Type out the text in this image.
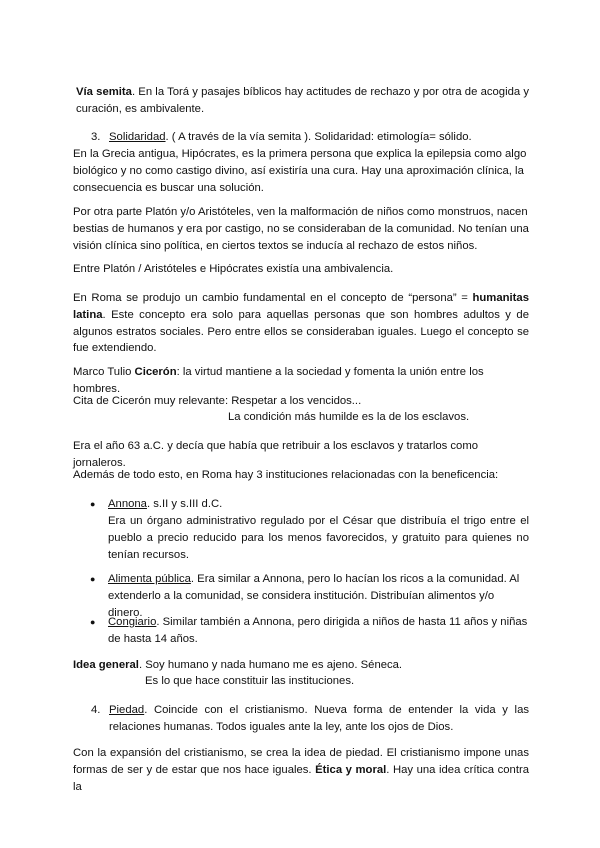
Vía semita. En la Torá y pasajes bíblicos hay actitudes de rechazo y por otra de acogida y curación, es ambivalente.

3. Solidaridad. ( A través de la vía semita ). Solidaridad: etimología= sólido.

En la Grecia antigua, Hipócrates, es la primera persona que explica la epilepsia como algo biológico y no como castigo divino, así existiría una cura. Hay una aproximación clínica, la consecuencia es buscar una solución.

Por otra parte Platón y/o Aristóteles, ven la malformación de niños como monstruos, nacen bestias de humanos y era por castigo, no se consideraban de la comunidad. No tenían una visión clínica sino política, en ciertos textos se inducía al rechazo de estos niños.

Entre Platón / Aristóteles e Hipócrates existía una ambivalencia.

En Roma se produjo un cambio fundamental en el concepto de “persona” = humanitas latina. Este concepto era solo para aquellas personas que son hombres adultos y de algunos estratos sociales. Pero entre ellos se consideraban iguales. Luego el concepto se fue extendiendo.

Marco Tulio Cicerón: la virtud mantiene a la sociedad y fomenta la unión entre los hombres.

Cita de Cicerón muy relevante: Respetar a los vencidos...

La condición más humilde es la de los esclavos.

Era el año 63 a.C. y decía que había que retribuir a los esclavos y tratarlos como jornaleros.

Además de todo esto, en Roma hay 3 instituciones relacionadas con la beneficencia:

● Annona. s.II y s.III d.C.

Era un órgano administrativo regulado por el César que distribuía el trigo entre el pueblo a precio reducido para los menos favorecidos, y gratuito para quienes no tenían recursos.

● Alimenta pública. Era similar a Annona, pero lo hacían los ricos a la comunidad. Al extenderlo a la comunidad, se considera institución. Distribuían alimentos y/o dinero.

● Congiario. Similar también a Annona, pero dirigida a niños de hasta 11 años y niñas de hasta 14 años.

Idea general. Soy humano y nada humano me es ajeno. Séneca.

Es lo que hace constituir las instituciones.

4. Piedad. Coincide con el cristianismo. Nueva forma de entender la vida y las relaciones humanas. Todos iguales ante la ley, ante los ojos de Dios.

Con la expansión del cristianismo, se crea la idea de piedad. El cristianismo impone unas formas de ser y de estar que nos hace iguales. Ética y moral. Hay una idea crítica contra la
